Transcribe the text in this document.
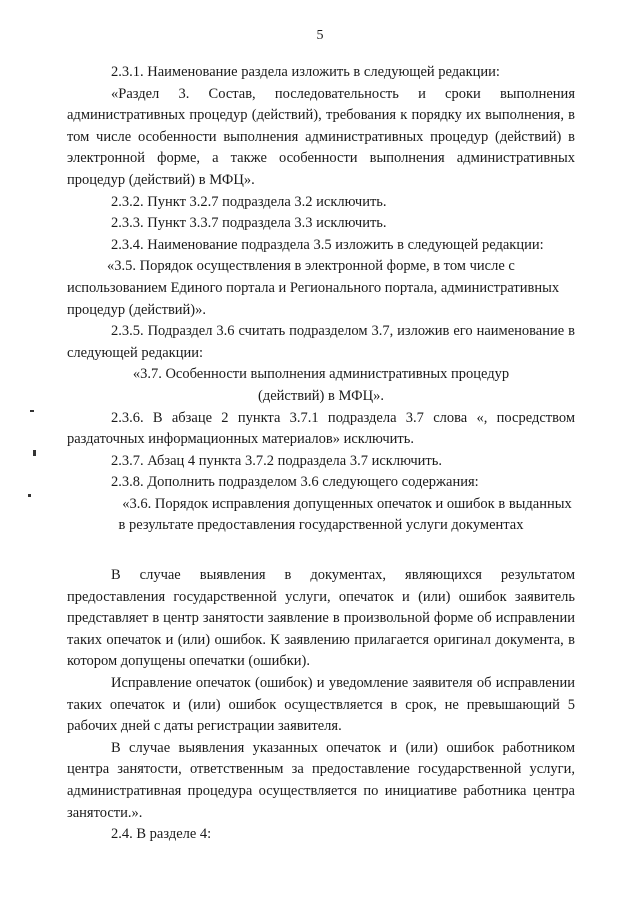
5

2.3.1. Наименование раздела изложить в следующей редакции:

«Раздел 3. Состав, последовательность и сроки выполнения административных процедур (действий), требования к порядку их выполнения, в том числе особенности выполнения административных процедур (действий) в электронной форме, а также особенности выполнения административных процедур (действий) в МФЦ».

2.3.2. Пункт 3.2.7 подраздела 3.2 исключить.

2.3.3. Пункт 3.3.7 подраздела 3.3 исключить.

2.3.4. Наименование подраздела 3.5 изложить в следующей редакции:

«3.5. Порядок осуществления в электронной форме, в том числе с использованием Единого портала и Регионального портала, административных процедур (действий)».

2.3.5. Подраздел 3.6 считать подразделом 3.7, изложив его наименование в следующей редакции:

«3.7. Особенности выполнения административных процедур (действий) в МФЦ».

2.3.6. В абзаце 2 пункта 3.7.1 подраздела 3.7 слова «, посредством раздаточных информационных материалов» исключить.

2.3.7. Абзац 4 пункта 3.7.2 подраздела 3.7 исключить.

2.3.8. Дополнить подразделом 3.6 следующего содержания:

«3.6. Порядок исправления допущенных опечаток и ошибок в выданных в результате предоставления государственной услуги документах

В случае выявления в документах, являющихся результатом предоставления государственной услуги, опечаток и (или) ошибок заявитель представляет в центр занятости заявление в произвольной форме об исправлении таких опечаток и (или) ошибок. К заявлению прилагается оригинал документа, в котором допущены опечатки (ошибки).

Исправление опечаток (ошибок) и уведомление заявителя об исправлении таких опечаток и (или) ошибок осуществляется в срок, не превышающий 5 рабочих дней с даты регистрации заявителя.

В случае выявления указанных опечаток и (или) ошибок работником центра занятости, ответственным за предоставление государственной услуги, административная процедура осуществляется по инициативе работника центра занятости.».

2.4. В разделе 4:
